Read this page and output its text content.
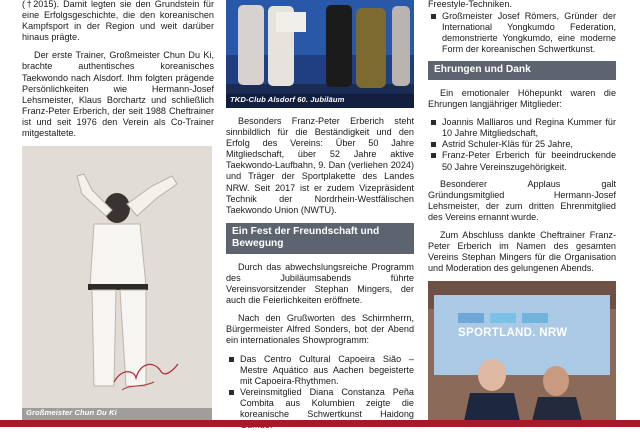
(†2015). Damit legten sie den Grundstein für eine Erfolgsgeschichte, die den koreanischen Kampfsport in der Region und weit darüber hinaus prägte.

Der erste Trainer, Großmeister Chun Du Ki, brachte authentisches koreanisches Taekwondo nach Alsdorf. Ihm folgten prägende Persönlichkeiten wie Hermann-Josef Lehsmeister, Klaus Borchartz und schließlich Franz-Peter Erberich, der seit 1988 Cheftrainer ist und seit 1976 den Verein als Co-Trainer mitgestaltete.

Großmeister Chun Du Ki
TKD-Club Alsdorf 60. Jubiläum

Besonders Franz-Peter Erberich steht sinnbildlich für die Beständigkeit und den Erfolg des Vereins: Über 50 Jahre Mitgliedschaft, über 52 Jahre aktive Taekwondo-Laufbahn, 9. Dan (verliehen 2024) und Träger der Sportplakette des Landes NRW. Seit 2017 ist er zudem Vizepräsident Technik der Nordrhein-Westfälischen Taekwondo Union (NWTU).

Ein Fest der Freundschaft und Bewegung

Durch das abwechslungsreiche Programm des Jubiläumsabends führte Vereinsvorsitzender Stephan Mingers, der auch die Feierlichkeiten eröffnete.

Nach den Grußworten des Schirmherrn, Bürgermeister Alfred Sonders, bot der Abend ein internationales Showprogramm:

Das Centro Cultural Capoeira Sião – Mestre Aquático aus Aachen begeisterte mit Capoeira-Rhythmen.
Vereinsmitglied Diana Constanza Peña Combita aus Kolumbien zeigte die koreanische Schwertkunst Haidong

Freestyle-Techniken.

Großmeister Josef Römers, Gründer der International Yongkumdo Federation, demonstrierte Yongkumdo, eine moderne Form der koreanischen Schwertkunst.
Ehrungen und Dank

Ein emotionaler Höhepunkt waren die Ehrungen langjähriger Mitglieder:

Joannis Malliaros und Regina Kummer für 10 Jahre Mitgliedschaft,
Astrid Schuler-Kläs für 25 Jahre,
Franz-Peter Erberich für beeindruckende 50 Jahre Vereinszugehörigkeit.

Besonderer Applaus galt Gründungsmitglied Hermann-Josef Lehsmeister, der zum dritten Ehrenmitglied des Vereins ernannt wurde.

Zum Abschluss dankte Cheftrainer Franz-Peter Erberich im Namen des gesamten Vereins Stephan Mingers für die Organisation und Moderation des gelungenen Abends.

SPORTLAND. NRW
